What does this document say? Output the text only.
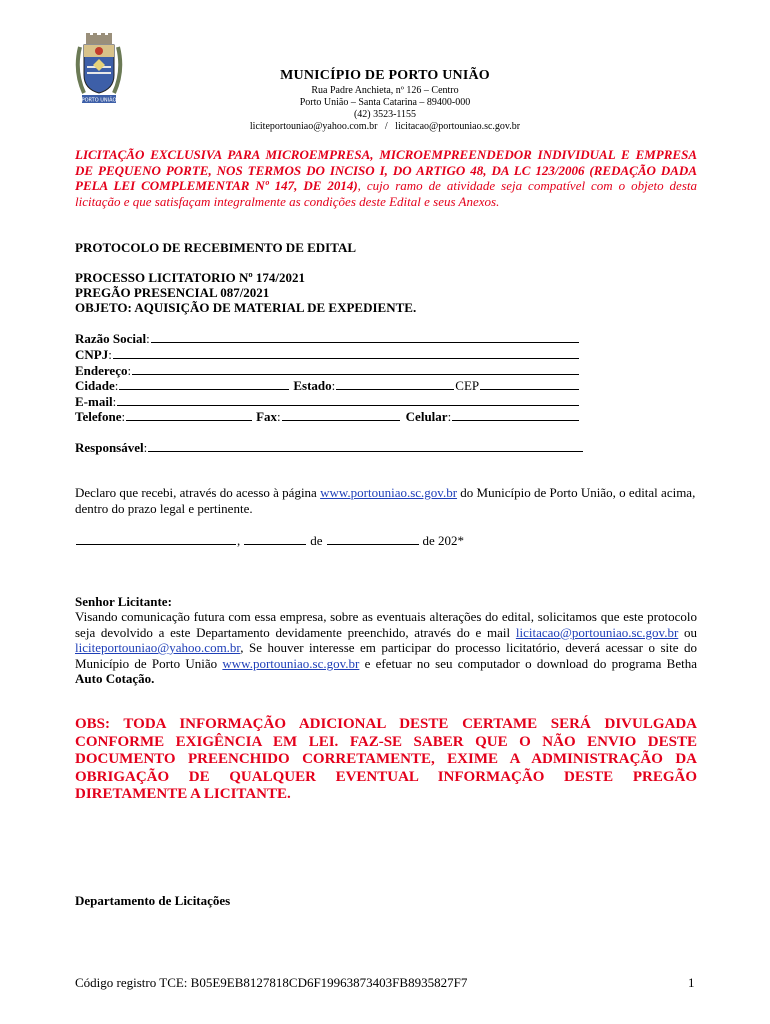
PORTO UNIÃO
MUNICÍPIO DE PORTO UNIÃO
Rua Padre Anchieta, nº 126 – Centro
Porto União – Santa Catarina – 89400-000
(42) 3523-1155
liciteportouniao@yahoo.com.br   /   licitacao@portouniao.sc.gov.br
LICITAÇÃO EXCLUSIVA PARA MICROEMPRESA, MICROEMPREENDEDOR INDIVIDUAL E EMPRESA DE PEQUENO PORTE, NOS TERMOS DO INCISO I, DO ARTIGO 48, DA LC 123/2006 (REDAÇÃO DADA PELA LEI COMPLEMENTAR Nº 147, DE 2014), cujo ramo de atividade seja compatível com o objeto desta licitação e que satisfaçam integralmente as condições deste Edital e seus Anexos.
PROTOCOLO DE RECEBIMENTO DE EDITAL
PROCESSO LICITATORIO Nº 174/2021
PREGÃO PRESENCIAL 087/2021
OBJETO: AQUISIÇÃO DE MATERIAL DE EXPEDIENTE.
Razão Social :
CNPJ :
Endereço :
Cidade :	Estado :	CEP
E-mail :
Telefone :	Fax :	Celular :
Responsável :
Declaro que recebi, através do acesso à página www.portouniao.sc.gov.br do Município de Porto União, o edital acima, dentro do prazo legal e pertinente.
,	de	de 202*
Senhor Licitante:
Visando comunicação futura com essa empresa, sobre as eventuais alterações do edital, solicitamos que este protocolo seja devolvido a este Departamento devidamente preenchido, através do e mail licitacao@portouniao.sc.gov.br ou liciteportouniao@yahoo.com.br, Se houver interesse em participar do processo licitatório, deverá acessar o site do Município de Porto União www.portouniao.sc.gov.br e efetuar no seu computador o download do programa Betha Auto Cotação.
OBS: TODA INFORMAÇÃO ADICIONAL DESTE CERTAME SERÁ DIVULGADA CONFORME EXIGÊNCIA EM LEI. FAZ-SE SABER QUE O NÃO ENVIO DESTE DOCUMENTO PREENCHIDO CORRETAMENTE, EXIME A ADMINISTRAÇÃO DA OBRIGAÇÃO DE QUALQUER EVENTUAL INFORMAÇÃO DESTE PREGÃO DIRETAMENTE A LICITANTE.
Departamento de Licitações
Código registro TCE: B05E9EB8127818CD6F19963873403FB8935827F7	1
